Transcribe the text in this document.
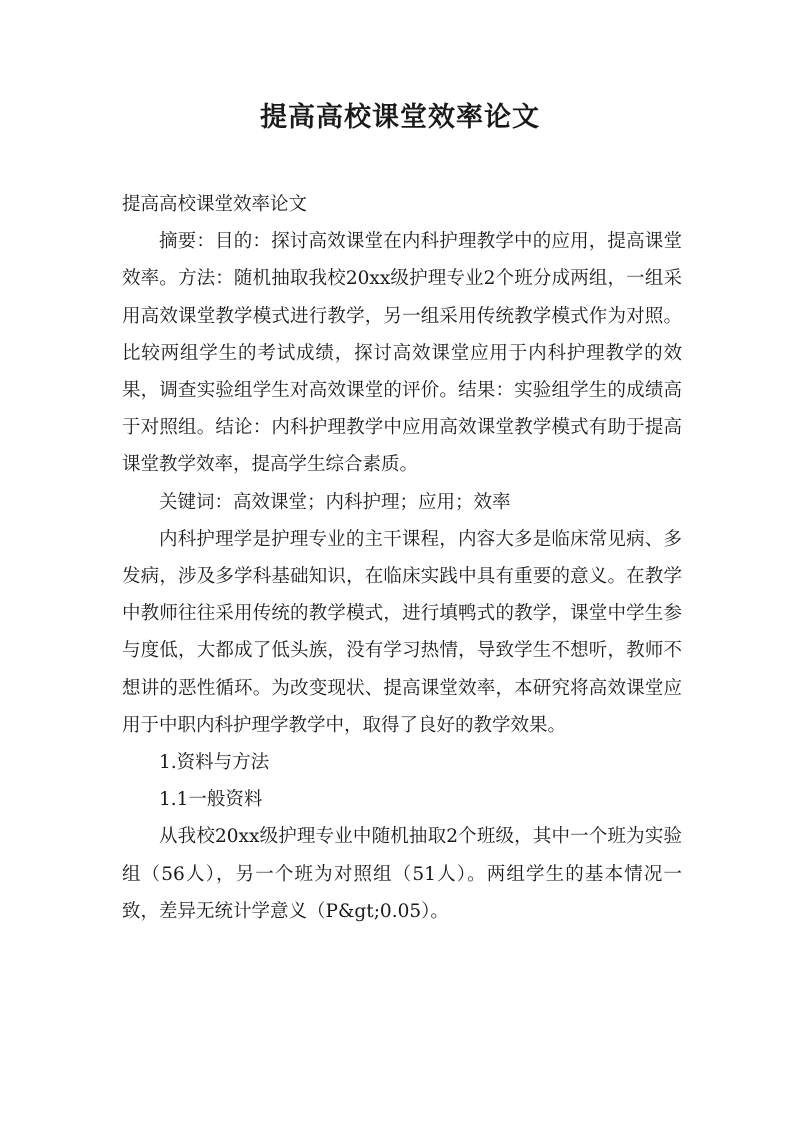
提高高校课堂效率论文

提高高校课堂效率论文

摘要：目的：探讨高效课堂在内科护理教学中的应用，提高课堂效率。方法：随机抽取我校20xx级护理专业2个班分成两组，一组采用高效课堂教学模式进行教学，另一组采用传统教学模式作为对照。比较两组学生的考试成绩，探讨高效课堂应用于内科护理教学的效果，调查实验组学生对高效课堂的评价。结果：实验组学生的成绩高于对照组。结论：内科护理教学中应用高效课堂教学模式有助于提高课堂教学效率，提高学生综合素质。

关键词：高效课堂；内科护理；应用；效率

内科护理学是护理专业的主干课程，内容大多是临床常见病、多发病，涉及多学科基础知识，在临床实践中具有重要的意义。在教学中教师往往采用传统的教学模式，进行填鸭式的教学，课堂中学生参与度低，大都成了低头族，没有学习热情，导致学生不想听，教师不想讲的恶性循环。为改变现状、提高课堂效率，本研究将高效课堂应用于中职内科护理学教学中，取得了良好的教学效果。

1.资料与方法

1.1一般资料

从我校20xx级护理专业中随机抽取2个班级，其中一个班为实验组（56人），另一个班为对照组（51人）。两组学生的基本情况一致，差异无统计学意义（P&gt;0.05）。
